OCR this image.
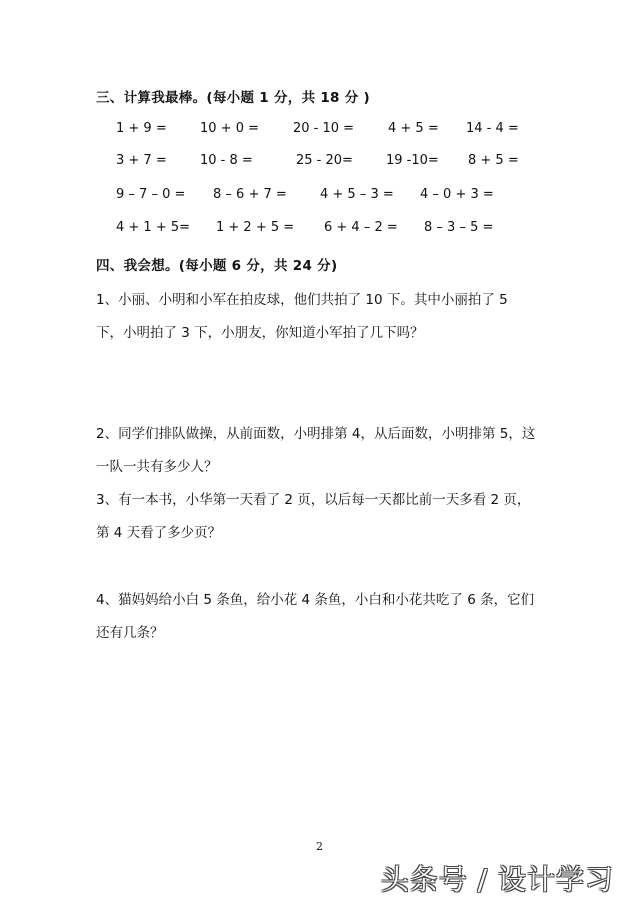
三、计算我最棒。(每小题 1 分，共 18 分 )
1 + 9 =	10 + 0 =	20 - 10 =	4 + 5 = 14 - 4 =
3 + 7 =	10 - 8 =	25 - 20=	19 -10= 8 + 5 =
9 – 7 – 0 = 8 – 6 + 7 =	4 + 5 – 3 = 4 – 0 + 3 =
4 + 1 + 5= 1 + 2 + 5 = 6 + 4 – 2 = 8 – 3 – 5 =
四、我会想。(每小题 6 分，共 24 分)
1、小丽、小明和小军在拍皮球，他们共拍了 10 下。其中小丽拍了 5 下，小明拍了 3 下，小朋友，你知道小军拍了几下吗？
2、同学们排队做操，从前面数，小明排第 4，从后面数，小明排第 5，这一队一共有多少人？
3、有一本书，小华第一天看了 2 页，以后每一天都比前一天多看 2 页，第 4 天看了多少页？
4、猫妈妈给小白 5 条鱼，给小花 4 条鱼，小白和小花共吃了 6 条，它们还有几条？
2
头条号 / 设计学习
